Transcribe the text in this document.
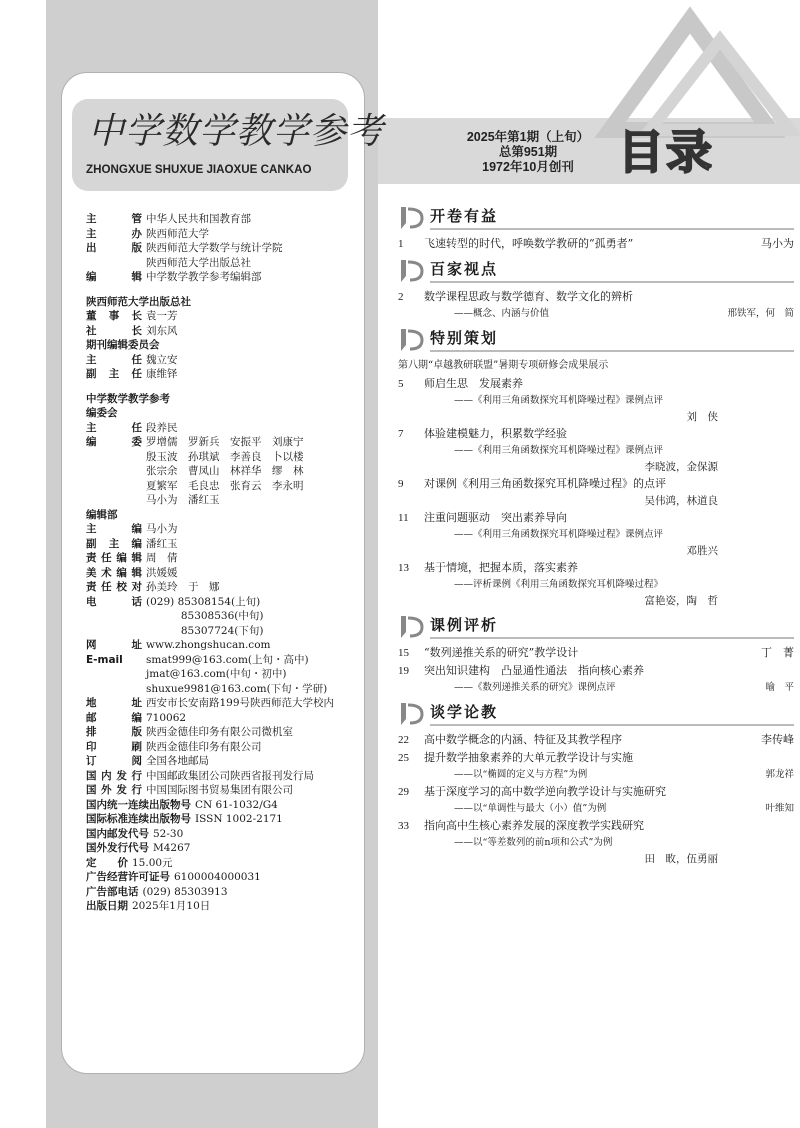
中学数学教学参考
ZHONGXUE SHUXUE JIAOXUE CANKAO
2025年第1期（上旬）
总第951期
1972年10月创刊 目录
主　管 中华人民共和国教育部
主　办 陕西师范大学
出　版 陕西师范大学数学与统计学院
陕西师范大学出版总社
编　辑 中学数学教学参考编辑部
陕西师范大学出版总社
董事长 袁一芳
社　长 刘东风
期刊编辑委员会
主　任 魏立安
副主任 康维铎
中学数学教学参考
编委会
主　任 段养民
编　委 罗增儒　罗新兵　安振平　刘康宁
殷玉波　孙琪斌　李善良　卜以楼
张宗余　曹凤山　林祥华　缪　林
夏繁军　毛良忠　张育云　李永明
马小为　潘红玉
编辑部
主　编 马小为
副主编 潘红玉
责任编辑 周　倩
美术编辑 洪媛媛
责任校对 孙美玲　于　娜
电　话 (029) 85308154(上旬)
　　　 85308536(中旬)
　　　 85307724(下旬)
网　址 www.zhongshucan.com
E-mail	smat999@163.com(上旬・高中)
jmat@163.com(中旬・初中)
shuxue9981@163.com(下旬・学研)
地　址 西安市长安南路199号陕西师范大学校内
邮　编 710062
排　版 陕西金德佳印务有限公司微机室
印　刷 陕西金德佳印务有限公司
订　阅 全国各地邮局
国内发行 中国邮政集团公司陕西省报刊发行局
国外发行 中国国际图书贸易集团有限公司
国内统一连续出版物号 CN 61-1032/G4
国际标准连续出版物号 ISSN 1002-2171
国内邮发代号 52-30
国外发行代号 M4267
定　　价 15.00元
广告经营许可证号 6100004000031
广告部电话 (029) 85303913
出版日期 2025年1月10日
开卷有益
1	飞速转型的时代，呼唤数学教研的“孤勇者”	马小为
百家视点
2	数学课程思政与数学德育、数学文化的辨析
——概念、内涵与价值	邢铁军，何　简
特别策划
第八期“卓越教研联盟”暑期专项研修会成果展示
5	师启生思　发展素养
——《利用三角函数探究耳机降噪过程》课例点评
刘　侠
7	体验建模魅力，积累数学经验
——《利用三角函数探究耳机降噪过程》课例点评
李晓波，金保源
9	对课例《利用三角函数探究耳机降噪过程》的点评
吴伟鸿，林道良
11	注重问题驱动　突出素养导向
——《利用三角函数探究耳机降噪过程》课例点评
邓胜兴
13	基于情境，把握本质，落实素养
——评析课例《利用三角函数探究耳机降噪过程》
富艳姿，陶　哲
课例评析
15	“数列递推关系的研究”教学设计	丁　菁
19	突出知识建构　凸显通性通法　指向核心素养
——《数列递推关系的研究》课例点评	喻　平
谈学论教
22	高中数学概念的内涵、特征及其教学程序	李传峰
25	提升数学抽象素养的大单元教学设计与实施
——以“椭圆的定义与方程”为例	郭龙祥
29	基于深度学习的高中数学逆向教学设计与实施研究
——以“单调性与最大（小）值”为例	叶维知
33	指向高中生核心素养发展的深度教学实践研究
——以“等差数列的前n项和公式”为例
田　畋，伍勇丽
